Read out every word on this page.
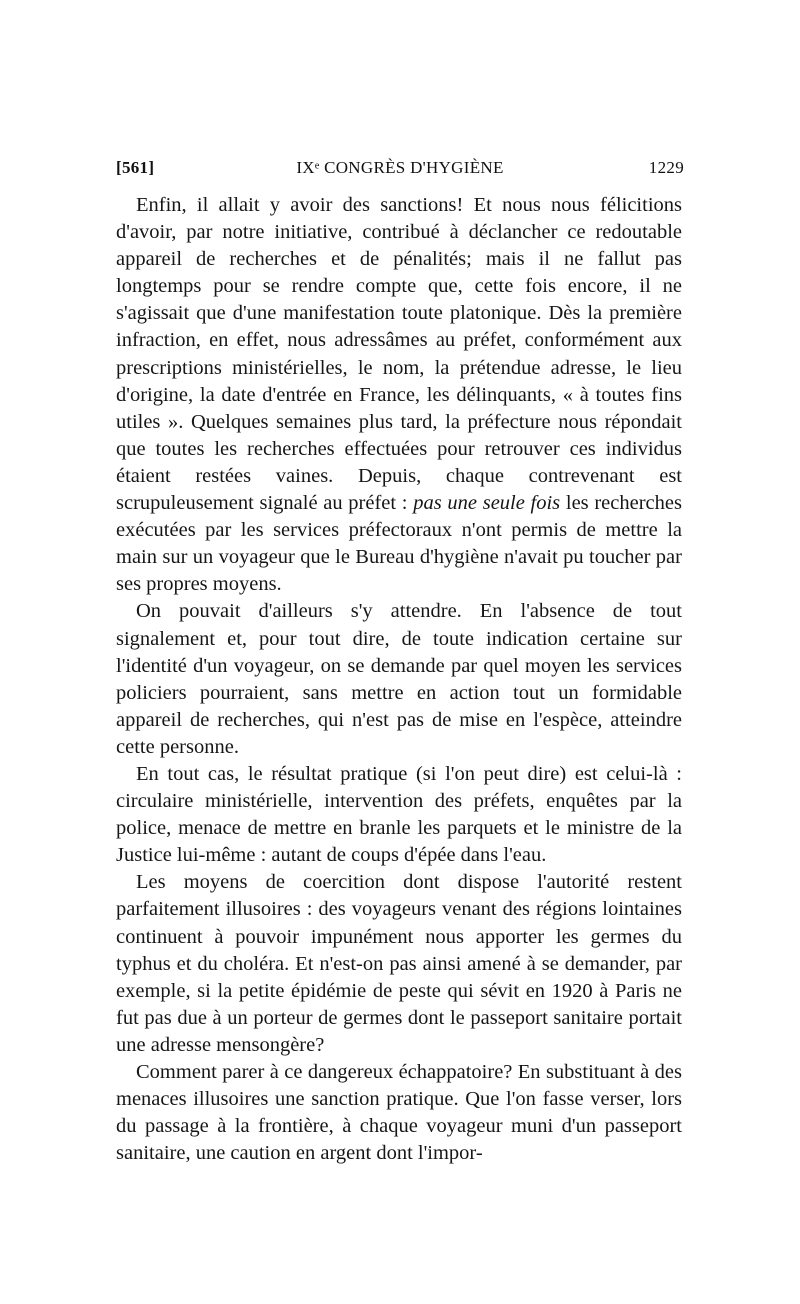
[561]	IXᵉ CONGRÈS D'HYGIÈNE	1229

Enfin, il allait y avoir des sanctions! Et nous nous félicitions d'avoir, par notre initiative, contribué à déclancher ce redoutable appareil de recherches et de pénalités; mais il ne fallut pas longtemps pour se rendre compte que, cette fois encore, il ne s'agissait que d'une manifestation toute platonique. Dès la première infraction, en effet, nous adressâmes au préfet, conformément aux prescriptions ministérielles, le nom, la prétendue adresse, le lieu d'origine, la date d'entrée en France, les délinquants, « à toutes fins utiles ». Quelques semaines plus tard, la préfecture nous répondait que toutes les recherches effectuées pour retrouver ces individus étaient restées vaines. Depuis, chaque contrevenant est scrupuleusement signalé au préfet : pas une seule fois les recherches exécutées par les services préfectoraux n'ont permis de mettre la main sur un voyageur que le Bureau d'hygiène n'avait pu toucher par ses propres moyens.

On pouvait d'ailleurs s'y attendre. En l'absence de tout signalement et, pour tout dire, de toute indication certaine sur l'identité d'un voyageur, on se demande par quel moyen les services policiers pourraient, sans mettre en action tout un formidable appareil de recherches, qui n'est pas de mise en l'espèce, atteindre cette personne.

En tout cas, le résultat pratique (si l'on peut dire) est celui-là : circulaire ministérielle, intervention des préfets, enquêtes par la police, menace de mettre en branle les parquets et le ministre de la Justice lui-même : autant de coups d'épée dans l'eau.

Les moyens de coercition dont dispose l'autorité restent parfaitement illusoires : des voyageurs venant des régions lointaines continuent à pouvoir impunément nous apporter les germes du typhus et du choléra. Et n'est-on pas ainsi amené à se demander, par exemple, si la petite épidémie de peste qui sévit en 1920 à Paris ne fut pas due à un porteur de germes dont le passeport sanitaire portait une adresse mensongère?

Comment parer à ce dangereux échappatoire? En substituant à des menaces illusoires une sanction pratique. Que l'on fasse verser, lors du passage à la frontière, à chaque voyageur muni d'un passeport sanitaire, une caution en argent dont l'impor-
